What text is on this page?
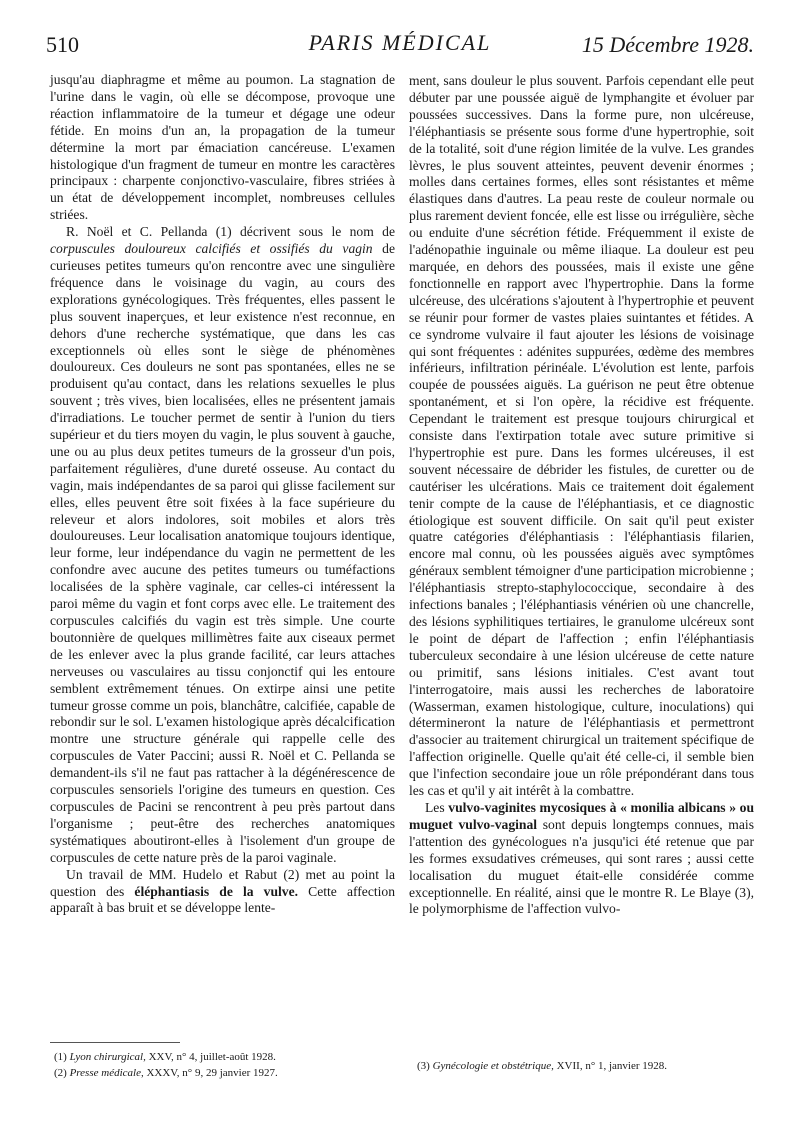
510	PARIS MÉDICAL	15 Décembre 1928.

jusqu'au diaphragme et même au poumon. La stagnation de l'urine dans le vagin, où elle se décompose, provoque une réaction inflammatoire de la tumeur et dégage une odeur fétide. En moins d'un an, la propagation de la tumeur détermine la mort par émaciation cancéreuse. L'examen histologique d'un fragment de tumeur en montre les caractères principaux : charpente conjonctivo-vasculaire, fibres striées à un état de développement incomplet, nombreuses cellules striées.

R. Noël et C. Pellanda (1) décrivent sous le nom de corpuscules douloureux calcifiés et ossifiés du vagin de curieuses petites tumeurs qu'on rencontre avec une singulière fréquence dans le voisinage du vagin, au cours des explorations gynécologiques. Très fréquentes, elles passent le plus souvent inaperçues, et leur existence n'est reconnue, en dehors d'une recherche systématique, que dans les cas exceptionnels où elles sont le siège de phénomènes douloureux. Ces douleurs ne sont pas spontanées, elles ne se produisent qu'au contact, dans les relations sexuelles le plus souvent ; très vives, bien localisées, elles ne présentent jamais d'irradiations. Le toucher permet de sentir à l'union du tiers supérieur et du tiers moyen du vagin, le plus souvent à gauche, une ou au plus deux petites tumeurs de la grosseur d'un pois, parfaitement régulières, d'une dureté osseuse. Au contact du vagin, mais indépendantes de sa paroi qui glisse facilement sur elles, elles peuvent être soit fixées à la face supérieure du releveur et alors indolores, soit mobiles et alors très douloureuses. Leur localisation anatomique toujours identique, leur forme, leur indépendance du vagin ne permettent de les confondre avec aucune des petites tumeurs ou tuméfactions localisées de la sphère vaginale, car celles-ci intéressent la paroi même du vagin et font corps avec elle. Le traitement des corpuscules calcifiés du vagin est très simple. Une courte boutonnière de quelques millimètres faite aux ciseaux permet de les enlever avec la plus grande facilité, car leurs attaches nerveuses ou vasculaires au tissu conjonctif qui les entoure semblent extrêmement ténues. On extirpe ainsi une petite tumeur grosse comme un pois, blanchâtre, calcifiée, capable de rebondir sur le sol. L'examen histologique après décalcification montre une structure générale qui rappelle celle des corpuscules de Vater Paccini; aussi R. Noël et C. Pellanda se demandent-ils s'il ne faut pas rattacher à la dégénérescence de corpuscules sensoriels l'origine des tumeurs en question. Ces corpuscules de Pacini se rencontrent à peu près partout dans l'organisme ; peut-être des recherches anatomiques systématiques aboutiront-elles à l'isolement d'un groupe de corpuscules de cette nature près de la paroi vaginale.

Un travail de MM. Hudelo et Rabut (2) met au point la question des éléphantiasis de la vulve. Cette affection apparaît à bas bruit et se développe lente-

ment, sans douleur le plus souvent. Parfois cependant elle peut débuter par une poussée aiguë de lymphangite et évoluer par poussées successives. Dans la forme pure, non ulcéreuse, l'éléphantiasis se présente sous forme d'une hypertrophie, soit de la totalité, soit d'une région limitée de la vulve. Les grandes lèvres, le plus souvent atteintes, peuvent devenir énormes ; molles dans certaines formes, elles sont résistantes et même élastiques dans d'autres. La peau reste de couleur normale ou plus rarement devient foncée, elle est lisse ou irrégulière, sèche ou enduite d'une sécrétion fétide. Fréquemment il existe de l'adénopathie inguinale ou même iliaque. La douleur est peu marquée, en dehors des poussées, mais il existe une gêne fonctionnelle en rapport avec l'hypertrophie. Dans la forme ulcéreuse, des ulcérations s'ajoutent à l'hypertrophie et peuvent se réunir pour former de vastes plaies suintantes et fétides. A ce syndrome vulvaire il faut ajouter les lésions de voisinage qui sont fréquentes : adénites suppurées, œdème des membres inférieurs, infiltration périnéale. L'évolution est lente, parfois coupée de poussées aiguës. La guérison ne peut être obtenue spontanément, et si l'on opère, la récidive est fréquente. Cependant le traitement est presque toujours chirurgical et consiste dans l'extirpation totale avec suture primitive si l'hypertrophie est pure. Dans les formes ulcéreuses, il est souvent nécessaire de débrider les fistules, de curetter ou de cautériser les ulcérations. Mais ce traitement doit également tenir compte de la cause de l'éléphantiasis, et ce diagnostic étiologique est souvent difficile. On sait qu'il peut exister quatre catégories d'éléphantiasis : l'éléphantiasis filarien, encore mal connu, où les poussées aiguës avec symptômes généraux semblent témoigner d'une participation microbienne ; l'éléphantiasis strepto-staphylococcique, secondaire à des infections banales ; l'éléphantiasis vénérien où une chancrelle, des lésions syphilitiques tertiaires, le granulome ulcéreux sont le point de départ de l'affection ; enfin l'éléphantiasis tuberculeux secondaire à une lésion ulcéreuse de cette nature ou primitif, sans lésions initiales. C'est avant tout l'interrogatoire, mais aussi les recherches de laboratoire (Wasserman, examen histologique, culture, inoculations) qui détermineront la nature de l'éléphantiasis et permettront d'associer au traitement chirurgical un traitement spécifique de l'affection originelle. Quelle qu'ait été celle-ci, il semble bien que l'infection secondaire joue un rôle prépondérant dans tous les cas et qu'il y ait intérêt à la combattre.

Les vulvo-vaginites mycosiques à « monilia albicans » ou muguet vulvo-vaginal sont depuis longtemps connues, mais l'attention des gynécologues n'a jusqu'ici été retenue que par les formes exsudatives crémeuses, qui sont rares ; aussi cette localisation du muguet était-elle considérée comme exceptionnelle. En réalité, ainsi que le montre R. Le Blaye (3), le polymorphisme de l'affection vulvo-

(1) Lyon chirurgical, XXV, n° 4, juillet-août 1928.
(2) Presse médicale, XXXV, n° 9, 29 janvier 1927.
(3) Gynécologie et obstétrique, XVII, n° 1, janvier 1928.
